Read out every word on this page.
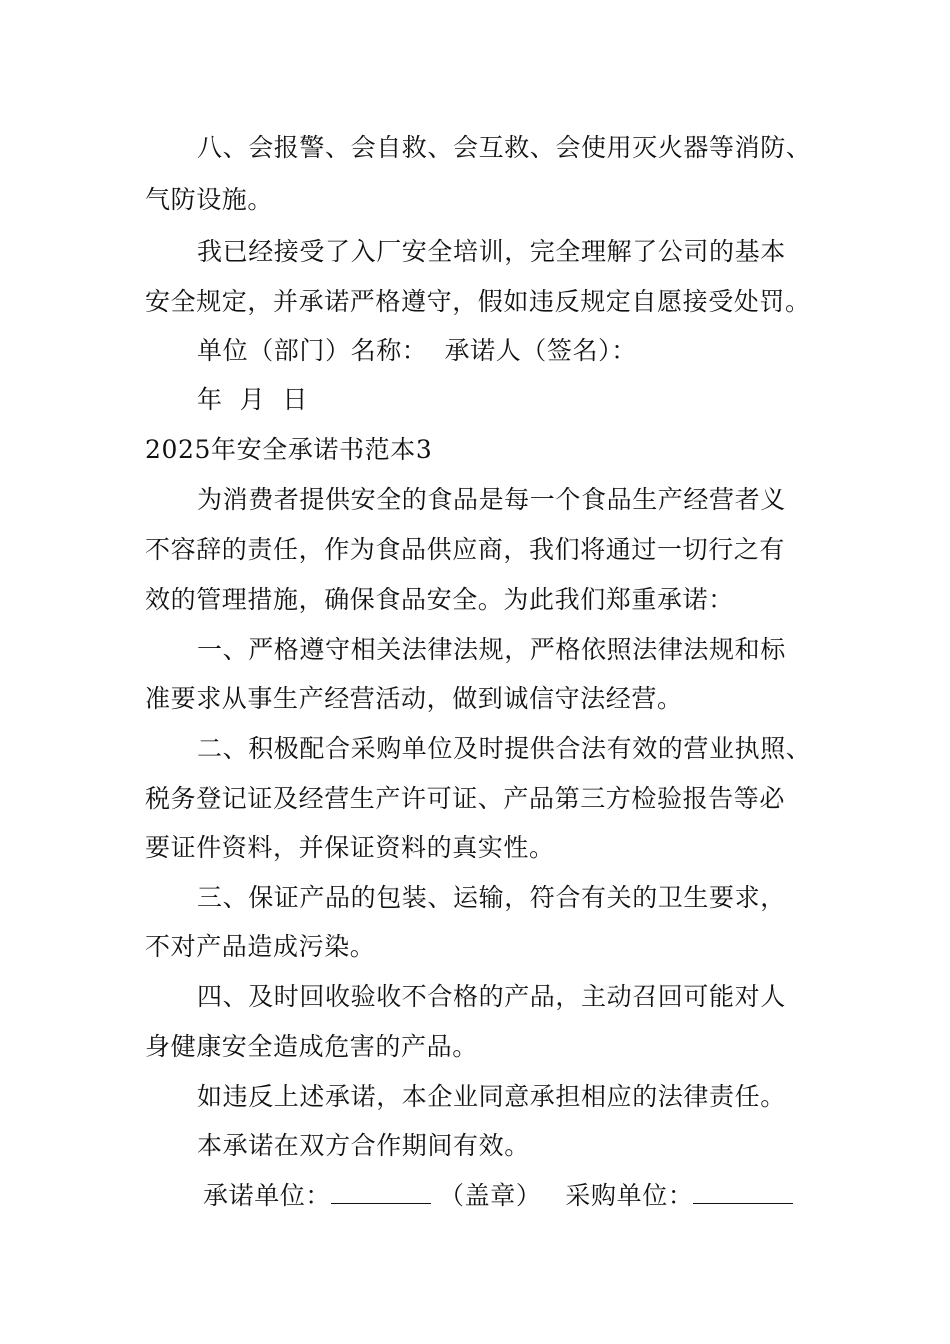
八、会报警、会自救、会互救、会使用灭火器等消防、
气防设施。
我已经接受了入厂安全培训，完全理解了公司的基本
安全规定，并承诺严格遵守，假如违反规定自愿接受处罚。
单位（部门）名称：  承诺人（签名）：
年  月  日
2025年安全承诺书范本3
为消费者提供安全的食品是每一个食品生产经营者义
不容辞的责任，作为食品供应商，我们将通过一切行之有
效的管理措施，确保食品安全。为此我们郑重承诺：
一、严格遵守相关法律法规，严格依照法律法规和标
准要求从事生产经营活动，做到诚信守法经营。
二、积极配合采购单位及时提供合法有效的营业执照、
税务登记证及经营生产许可证、产品第三方检验报告等必
要证件资料，并保证资料的真实性。
三、保证产品的包装、运输，符合有关的卫生要求，
不对产品造成污染。
四、及时回收验收不合格的产品，主动召回可能对人
身健康安全造成危害的产品。
如违反上述承诺，本企业同意承担相应的法律责任。
本承诺在双方合作期间有效。
承诺单位：	（盖章） 采购单位：
